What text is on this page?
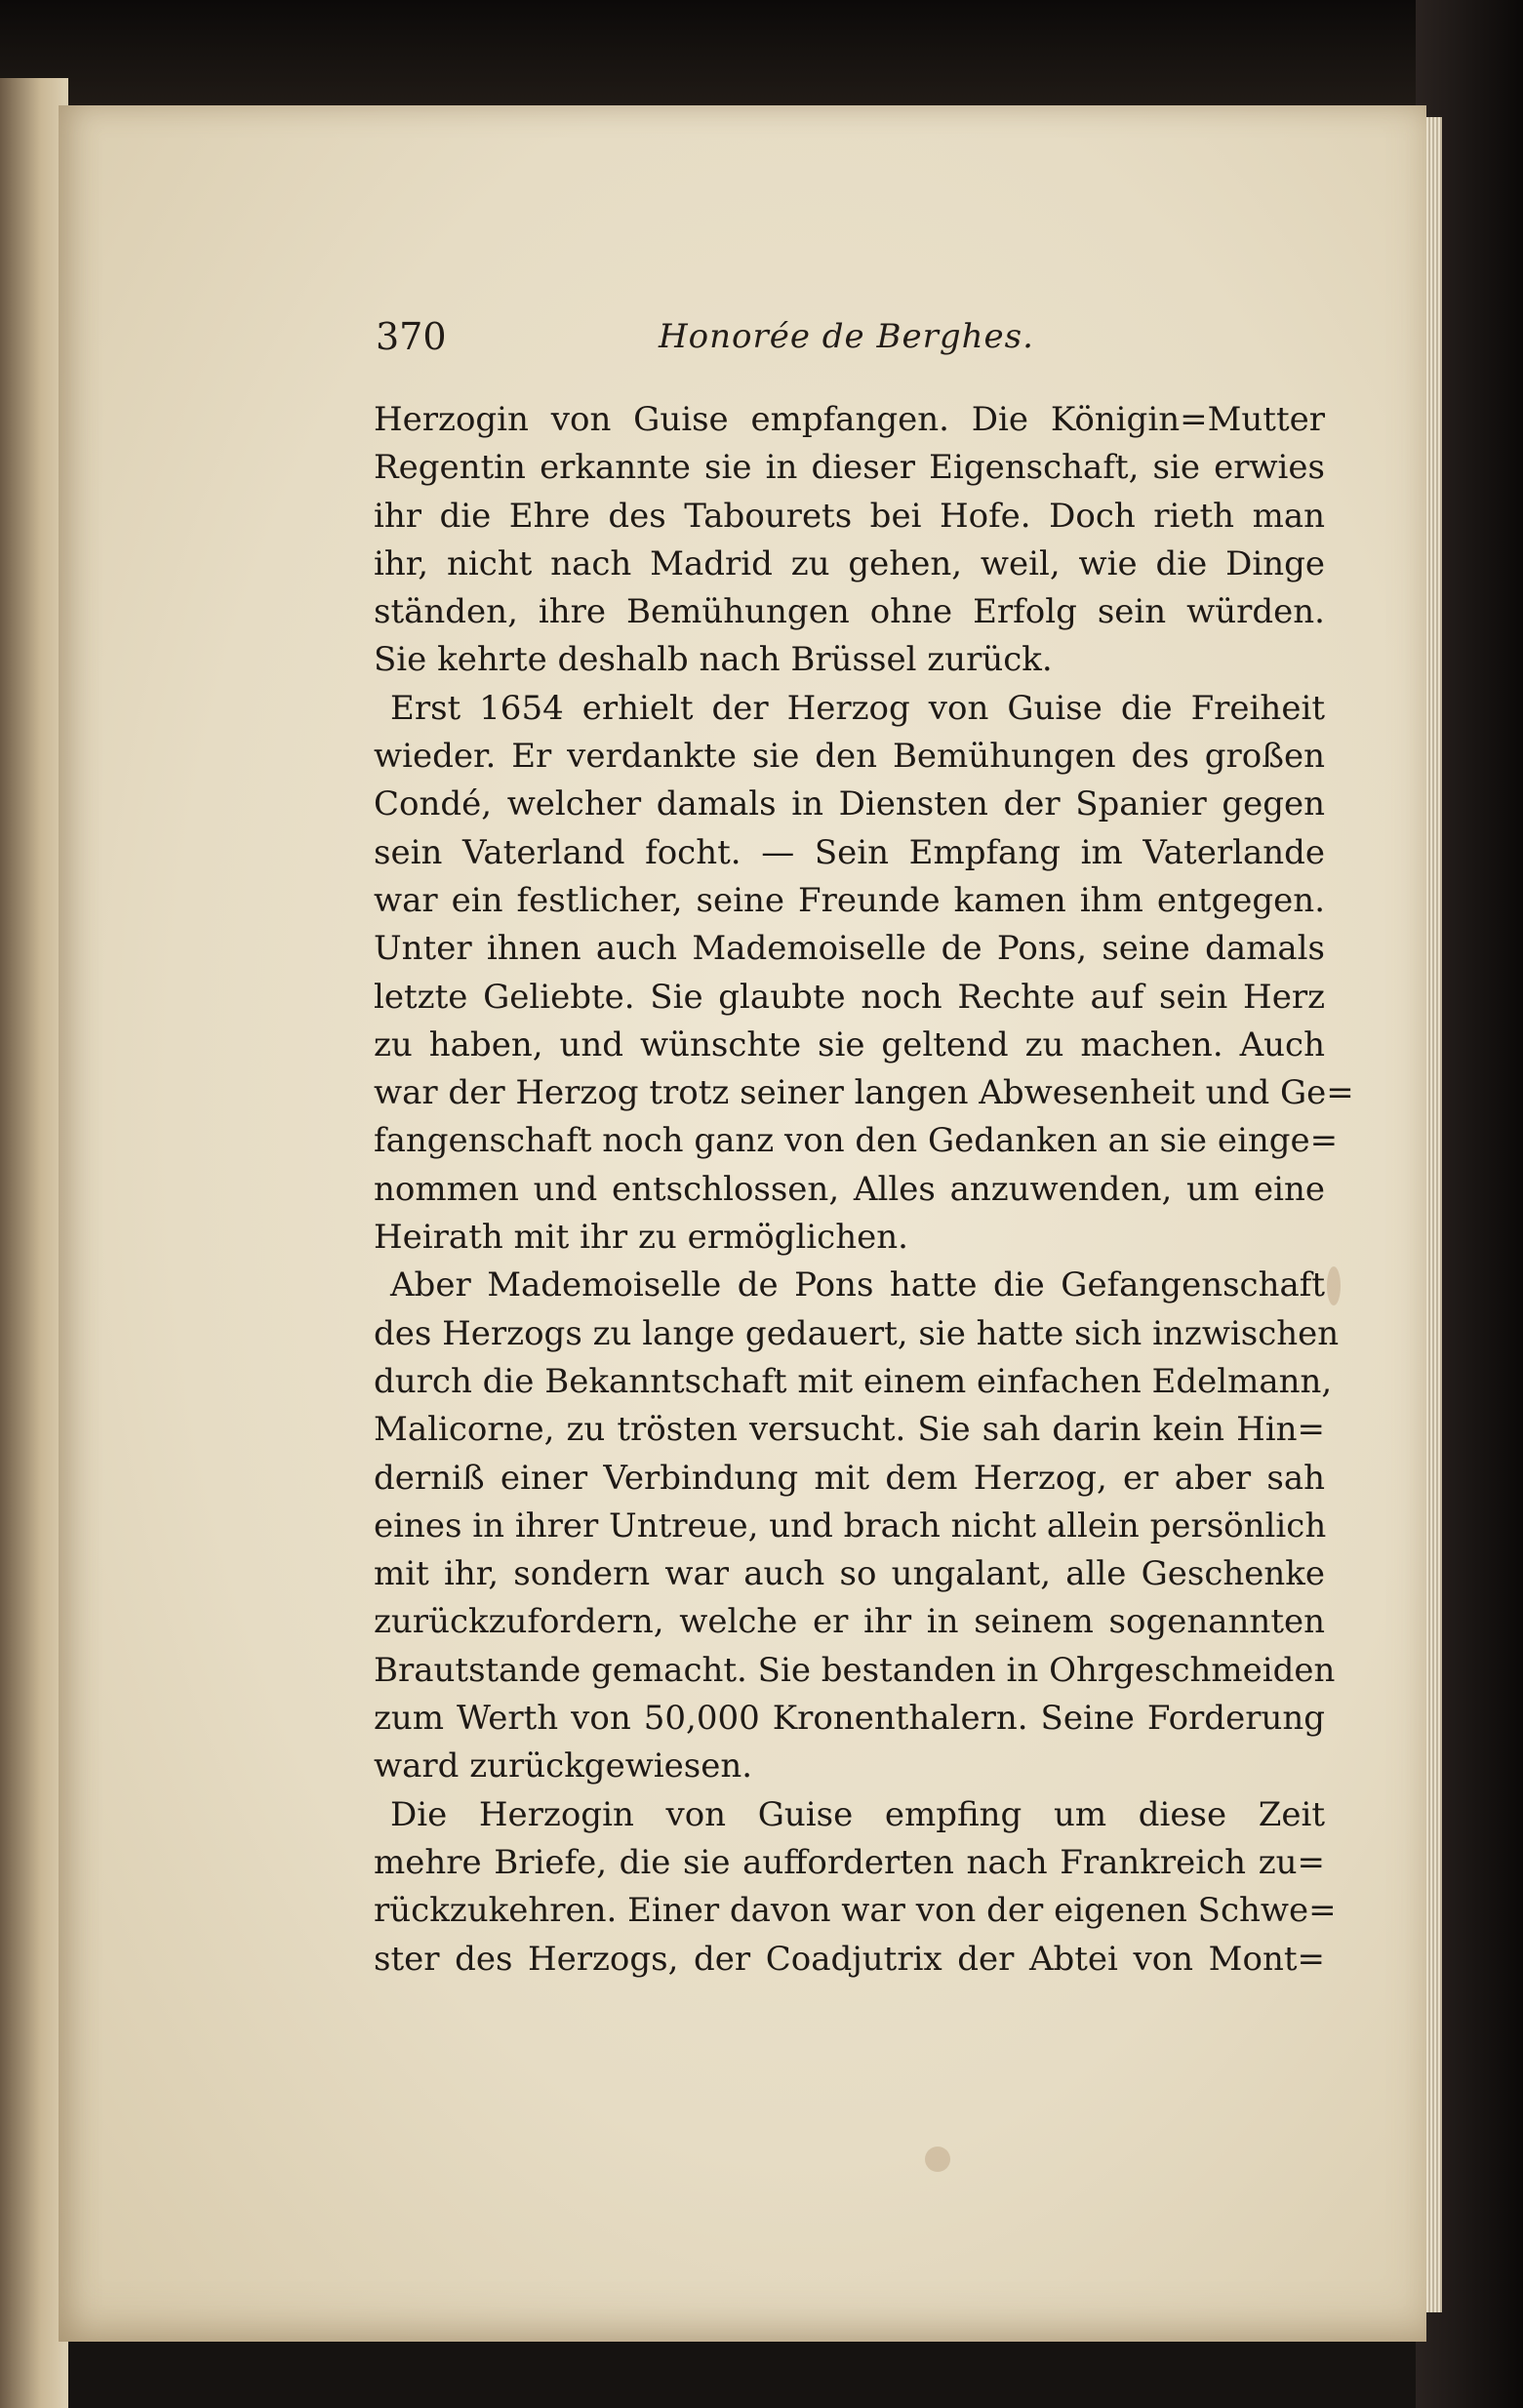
370	Honorée de Berghes.
Herzogin von Guise empfangen. Die Königin=Mutter
Regentin erkannte sie in dieser Eigenschaft, sie erwies
ihr die Ehre des Tabourets bei Hofe. Doch rieth man
ihr, nicht nach Madrid zu gehen, weil, wie die Dinge
ständen, ihre Bemühungen ohne Erfolg sein würden.
Sie kehrte deshalb nach Brüssel zurück.
Erst 1654 erhielt der Herzog von Guise die Freiheit
wieder. Er verdankte sie den Bemühungen des großen
Condé, welcher damals in Diensten der Spanier gegen
sein Vaterland focht. — Sein Empfang im Vaterlande
war ein festlicher, seine Freunde kamen ihm entgegen.
Unter ihnen auch Mademoiselle de Pons, seine damals
letzte Geliebte. Sie glaubte noch Rechte auf sein Herz
zu haben, und wünschte sie geltend zu machen. Auch
war der Herzog trotz seiner langen Abwesenheit und Ge=
fangenschaft noch ganz von den Gedanken an sie einge=
nommen und entschlossen, Alles anzuwenden, um eine
Heirath mit ihr zu ermöglichen.
Aber Mademoiselle de Pons hatte die Gefangenschaft
des Herzogs zu lange gedauert, sie hatte sich inzwischen
durch die Bekanntschaft mit einem einfachen Edelmann,
Malicorne, zu trösten versucht. Sie sah darin kein Hin=
derniß einer Verbindung mit dem Herzog, er aber sah
eines in ihrer Untreue, und brach nicht allein persönlich
mit ihr, sondern war auch so ungalant, alle Geschenke
zurückzufordern, welche er ihr in seinem sogenannten
Brautstande gemacht. Sie bestanden in Ohrgeschmeiden
zum Werth von 50,000 Kronenthalern. Seine Forderung
ward zurückgewiesen.
Die Herzogin von Guise empfing um diese Zeit
mehre Briefe, die sie aufforderten nach Frankreich zu=
rückzukehren. Einer davon war von der eigenen Schwe=
ster des Herzogs, der Coadjutrix der Abtei von Mont=
